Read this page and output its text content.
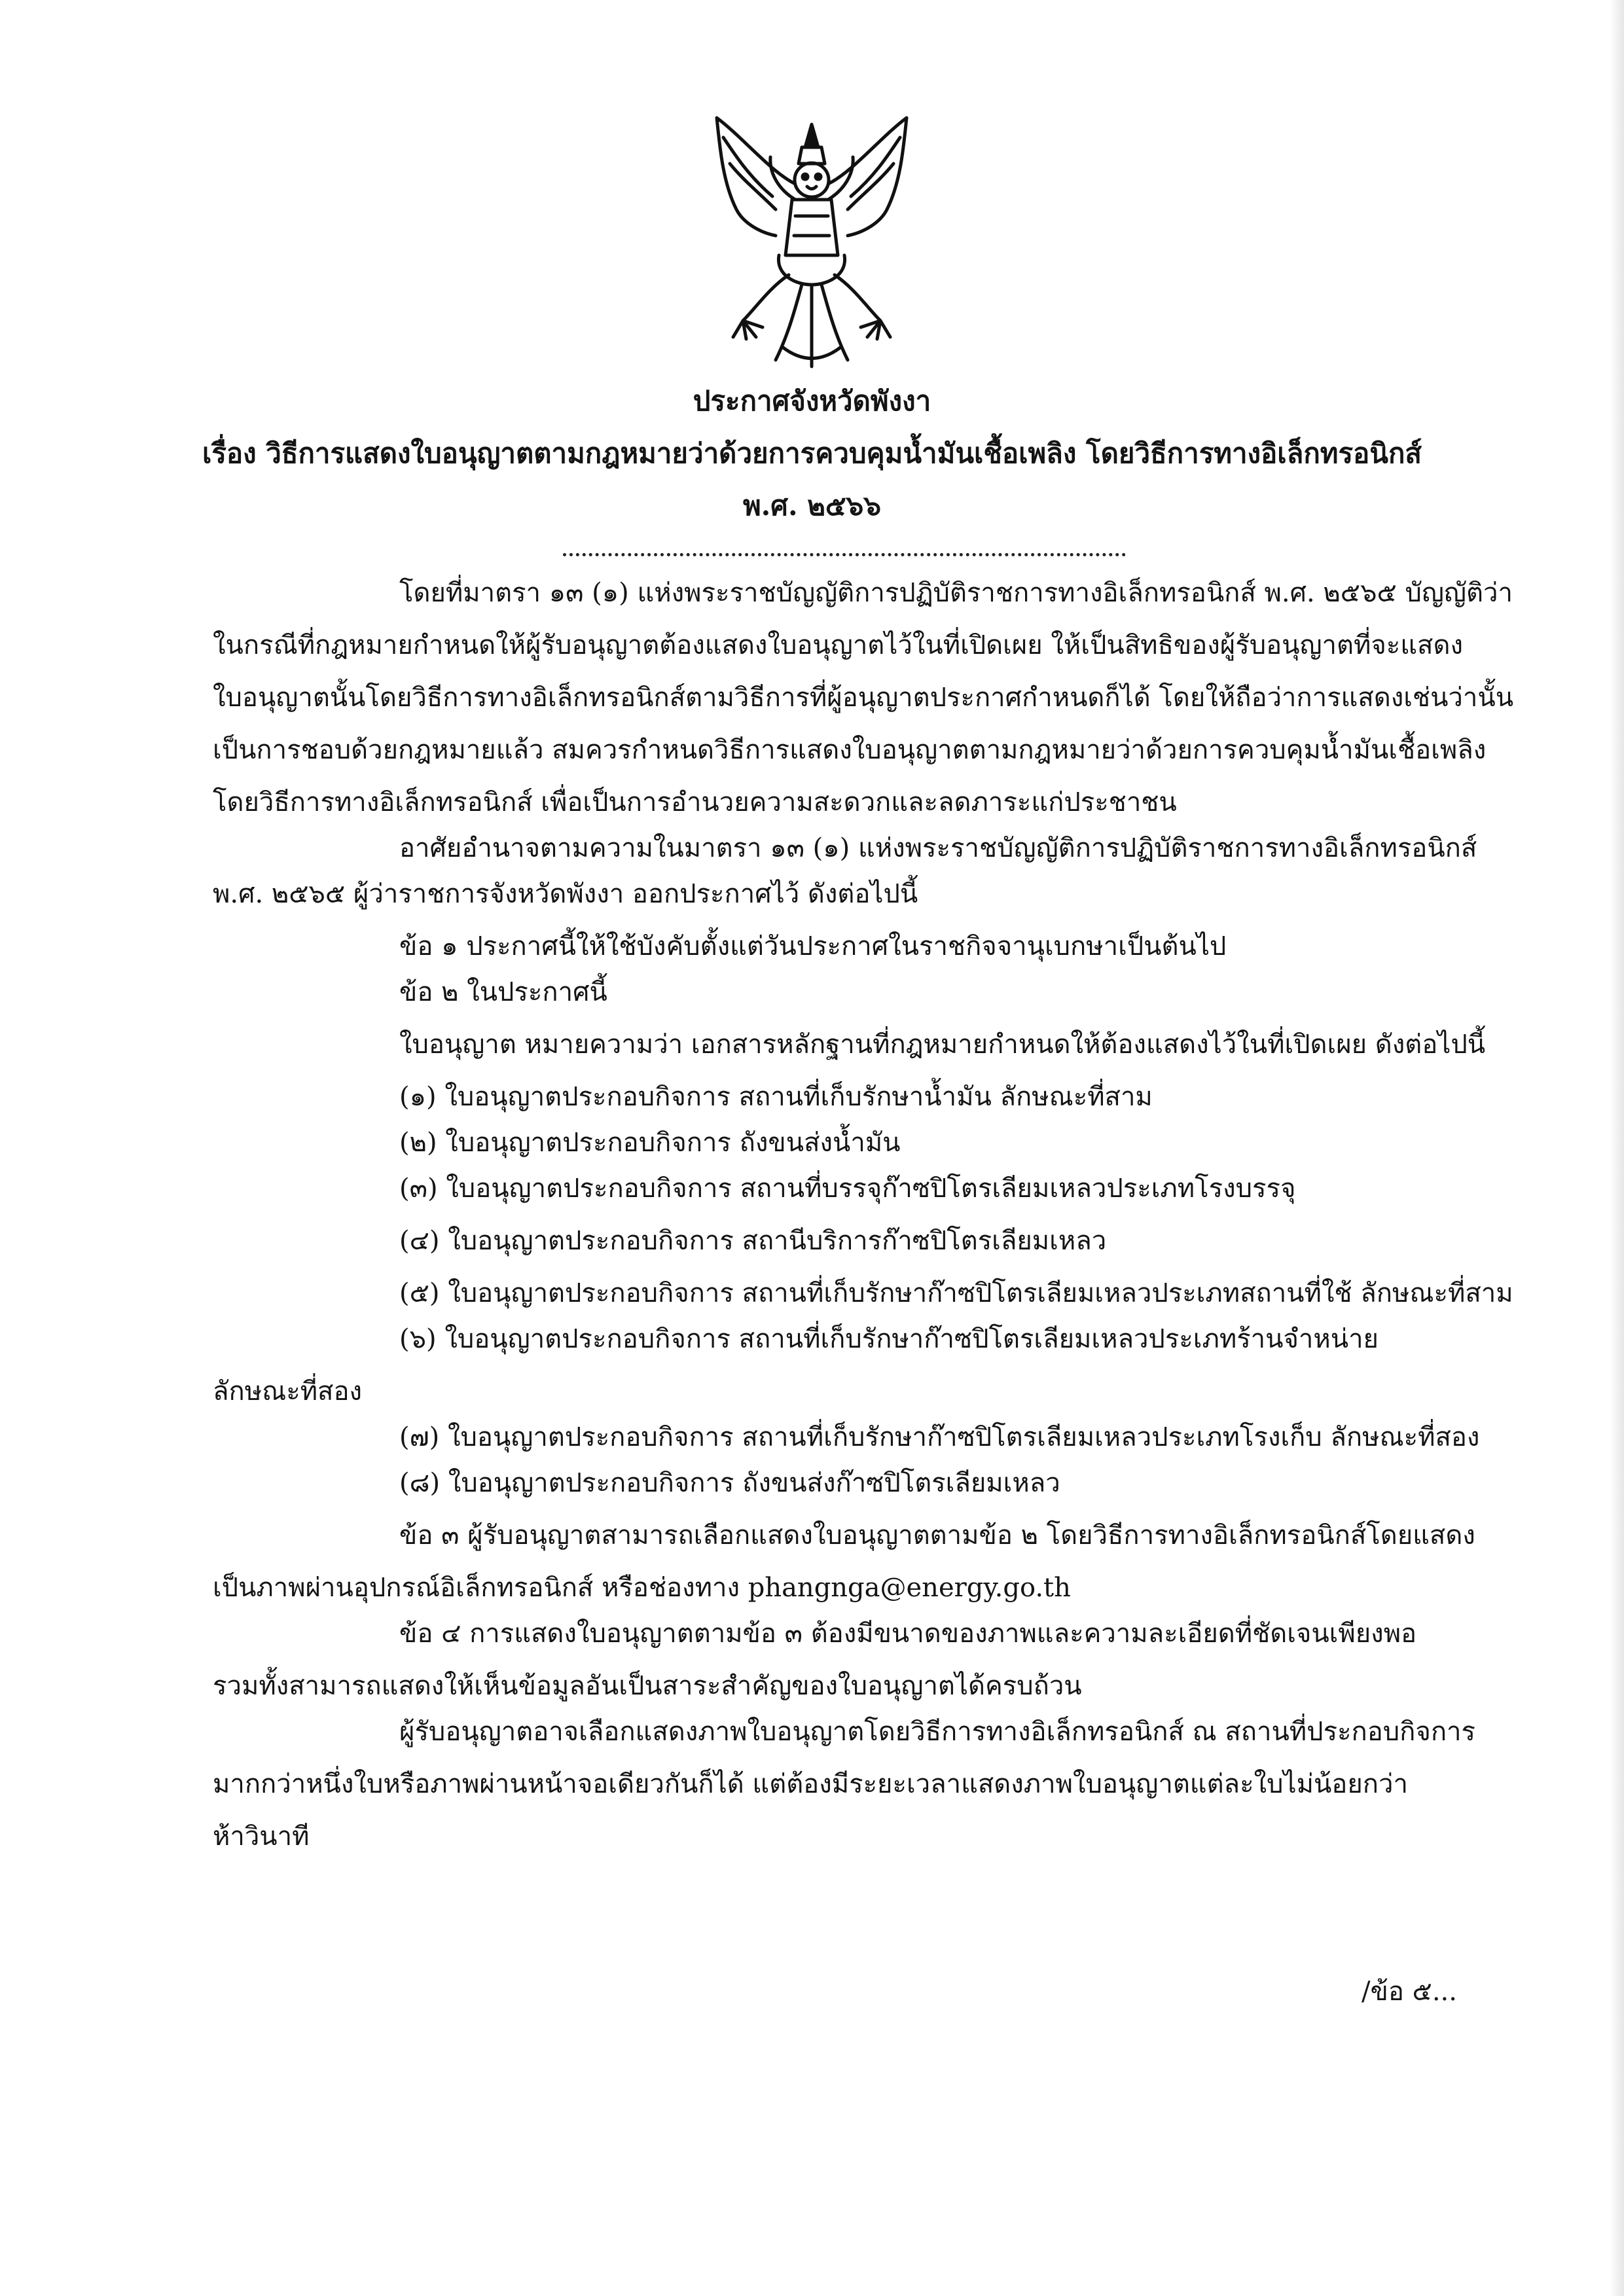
ประกาศจังหวัดพังงา
เรื่อง วิธีการแสดงใบอนุญาตตามกฎหมายว่าด้วยการควบคุมน้ำมันเชื้อเพลิง โดยวิธีการทางอิเล็กทรอนิกส์
พ.ศ. ๒๕๖๖
โดยที่มาตรา ๑๓ (๑) แห่งพระราชบัญญัติการปฏิบัติราชการทางอิเล็กทรอนิกส์ พ.ศ. ๒๕๖๕ บัญญัติว่า
ในกรณีที่กฎหมายกำหนดให้ผู้รับอนุญาตต้องแสดงใบอนุญาตไว้ในที่เปิดเผย ให้เป็นสิทธิของผู้รับอนุญาตที่จะแสดง
ใบอนุญาตนั้นโดยวิธีการทางอิเล็กทรอนิกส์ตามวิธีการที่ผู้อนุญาตประกาศกำหนดก็ได้ โดยให้ถือว่าการแสดงเช่นว่านั้น
เป็นการชอบด้วยกฎหมายแล้ว สมควรกำหนดวิธีการแสดงใบอนุญาตตามกฎหมายว่าด้วยการควบคุมน้ำมันเชื้อเพลิง
โดยวิธีการทางอิเล็กทรอนิกส์ เพื่อเป็นการอำนวยความสะดวกและลดภาระแก่ประชาชน
อาศัยอำนาจตามความในมาตรา ๑๓ (๑) แห่งพระราชบัญญัติการปฏิบัติราชการทางอิเล็กทรอนิกส์
พ.ศ. ๒๕๖๕ ผู้ว่าราชการจังหวัดพังงา ออกประกาศไว้ ดังต่อไปนี้
ข้อ ๑ ประกาศนี้ให้ใช้บังคับตั้งแต่วันประกาศในราชกิจจานุเบกษาเป็นต้นไป
ข้อ ๒ ในประกาศนี้
ใบอนุญาต หมายความว่า เอกสารหลักฐานที่กฎหมายกำหนดให้ต้องแสดงไว้ในที่เปิดเผย ดังต่อไปนี้
(๑) ใบอนุญาตประกอบกิจการ สถานที่เก็บรักษาน้ำมัน ลักษณะที่สาม
(๒) ใบอนุญาตประกอบกิจการ ถังขนส่งน้ำมัน
(๓) ใบอนุญาตประกอบกิจการ สถานที่บรรจุก๊าซปิโตรเลียมเหลวประเภทโรงบรรจุ
(๔) ใบอนุญาตประกอบกิจการ สถานีบริการก๊าซปิโตรเลียมเหลว
(๕) ใบอนุญาตประกอบกิจการ สถานที่เก็บรักษาก๊าซปิโตรเลียมเหลวประเภทสถานที่ใช้ ลักษณะที่สาม
(๖) ใบอนุญาตประกอบกิจการ สถานที่เก็บรักษาก๊าซปิโตรเลียมเหลวประเภทร้านจำหน่าย
ลักษณะที่สอง
(๗) ใบอนุญาตประกอบกิจการ สถานที่เก็บรักษาก๊าซปิโตรเลียมเหลวประเภทโรงเก็บ ลักษณะที่สอง
(๘) ใบอนุญาตประกอบกิจการ ถังขนส่งก๊าซปิโตรเลียมเหลว
ข้อ ๓ ผู้รับอนุญาตสามารถเลือกแสดงใบอนุญาตตามข้อ ๒ โดยวิธีการทางอิเล็กทรอนิกส์โดยแสดง
เป็นภาพผ่านอุปกรณ์อิเล็กทรอนิกส์ หรือช่องทาง phangnga@energy.go.th
ข้อ ๔ การแสดงใบอนุญาตตามข้อ ๓ ต้องมีขนาดของภาพและความละเอียดที่ชัดเจนเพียงพอ
รวมทั้งสามารถแสดงให้เห็นข้อมูลอันเป็นสาระสำคัญของใบอนุญาตได้ครบถ้วน
ผู้รับอนุญาตอาจเลือกแสดงภาพใบอนุญาตโดยวิธีการทางอิเล็กทรอนิกส์ ณ สถานที่ประกอบกิจการ
มากกว่าหนึ่งใบหรือภาพผ่านหน้าจอเดียวกันก็ได้ แต่ต้องมีระยะเวลาแสดงภาพใบอนุญาตแต่ละใบไม่น้อยกว่า
ห้าวินาที
/ข้อ ๕...
